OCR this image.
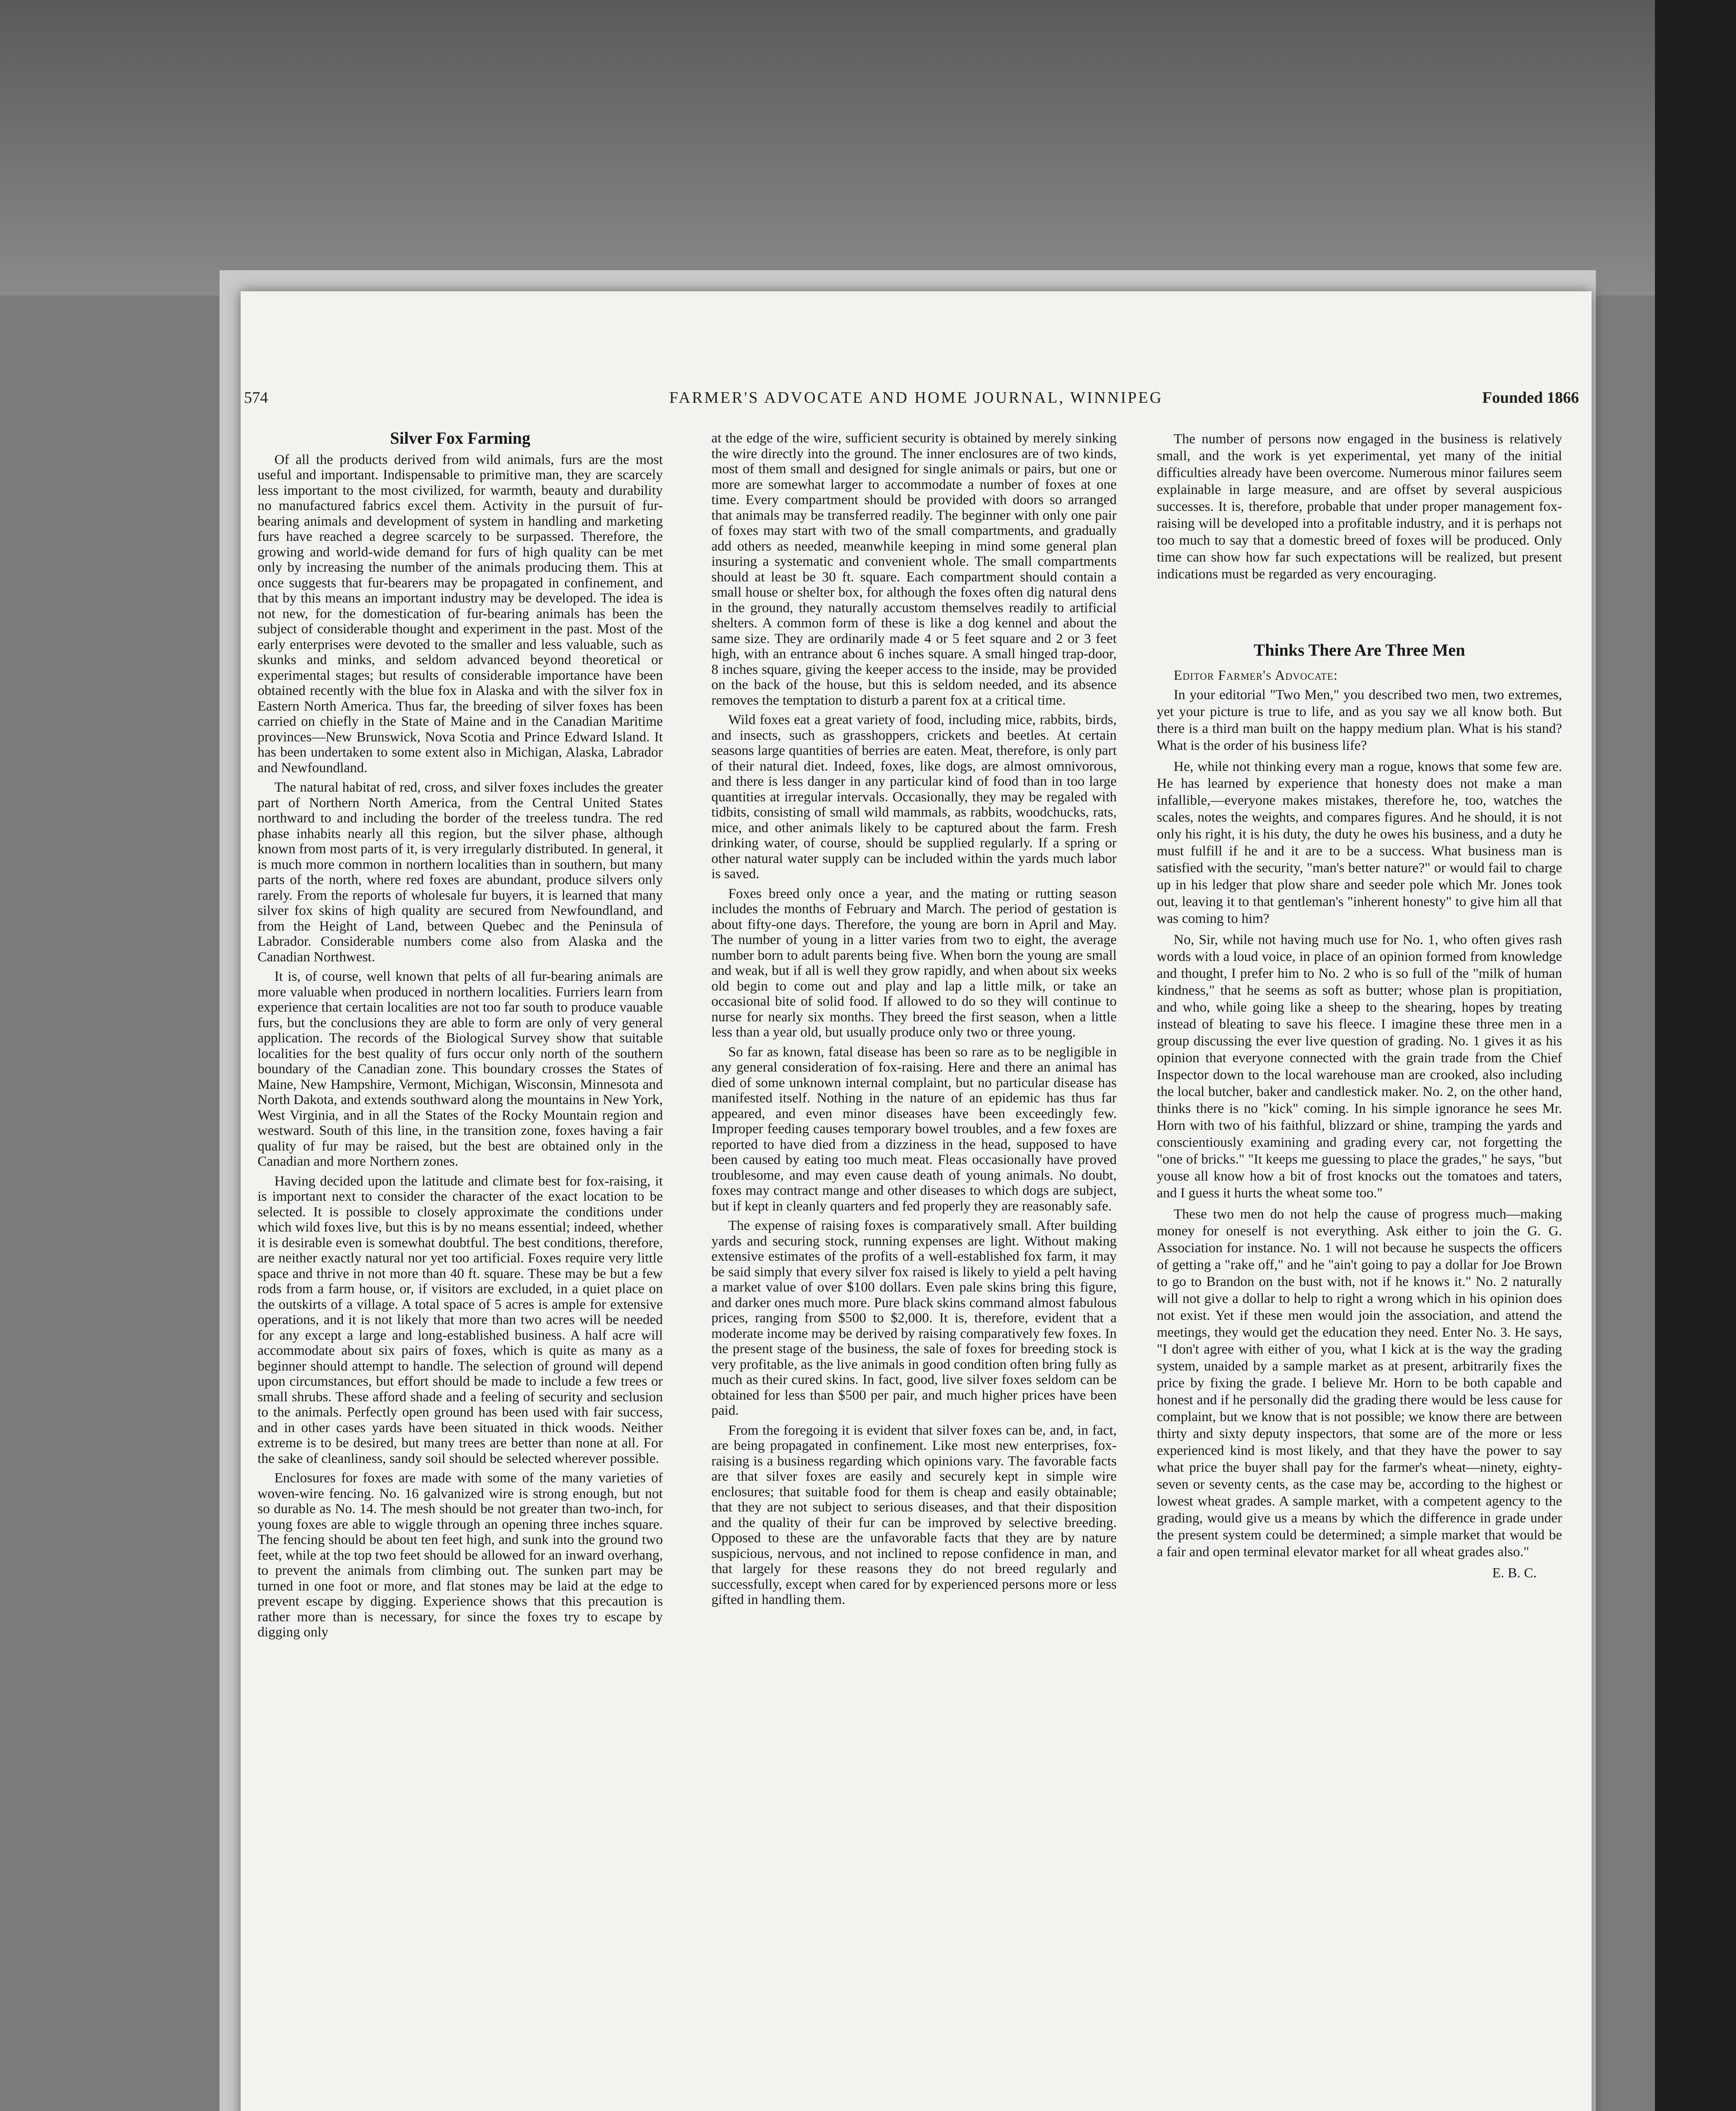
FARMER'S ADVOCATE AND HOME JOURNAL, WINNIPEG
574	Founded 1866
Silver Fox Farming

Of all the products derived from wild animals, furs are the most useful and important. Indispensable to primitive man, they are scarcely less important to the most civilized, for warmth, beauty and durability no manufactured fabrics excel them. Activity in the pursuit of fur-bearing animals and development of system in handling and marketing furs have reached a degree scarcely to be surpassed. Therefore, the growing and world-wide demand for furs of high quality can be met only by increasing the number of the animals producing them. This at once suggests that fur-bearers may be propagated in confinement, and that by this means an important industry may be developed. The idea is not new, for the domestication of fur-bearing animals has been the subject of considerable thought and experiment in the past. Most of the early enterprises were devoted to the smaller and less valuable, such as skunks and minks, and seldom advanced beyond theoretical or experimental stages; but results of considerable importance have been obtained recently with the blue fox in Alaska and with the silver fox in Eastern North America. Thus far, the breeding of silver foxes has been carried on chiefly in the State of Maine and in the Canadian Maritime provinces—New Brunswick, Nova Scotia and Prince Edward Island. It has been undertaken to some extent also in Michigan, Alaska, Labrador and Newfoundland.

The natural habitat of red, cross, and silver foxes includes the greater part of Northern North America, from the Central United States northward to and including the border of the treeless tundra. The red phase inhabits nearly all this region, but the silver phase, although known from most parts of it, is very irregularly distributed. In general, it is much more common in northern localities than in southern, but many parts of the north, where red foxes are abundant, produce silvers only rarely. From the reports of wholesale fur buyers, it is learned that many silver fox skins of high quality are secured from Newfoundland, and from the Height of Land, between Quebec and the Peninsula of Labrador. Considerable numbers come also from Alaska and the Canadian Northwest.

It is, of course, well known that pelts of all fur-bearing animals are more valuable when produced in northern localities. Furriers learn from experience that certain localities are not too far south to produce vauable furs, but the conclusions they are able to form are only of very general application. The records of the Biological Survey show that suitable localities for the best quality of furs occur only north of the southern boundary of the Canadian zone. This boundary crosses the States of Maine, New Hampshire, Vermont, Michigan, Wisconsin, Minnesota and North Dakota, and extends southward along the mountains in New York, West Virginia, and in all the States of the Rocky Mountain region and westward. South of this line, in the transition zone, foxes having a fair quality of fur may be raised, but the best are obtained only in the Canadian and more Northern zones.

Having decided upon the latitude and climate best for fox-raising, it is important next to consider the character of the exact location to be selected. It is possible to closely approximate the conditions under which wild foxes live, but this is by no means essential; indeed, whether it is desirable even is somewhat doubtful. The best conditions, therefore, are neither exactly natural nor yet too artificial. Foxes require very little space and thrive in not more than 40 ft. square. These may be but a few rods from a farm house, or, if visitors are excluded, in a quiet place on the outskirts of a village. A total space of 5 acres is ample for extensive operations, and it is not likely that more than two acres will be needed for any except a large and long-established business. A half acre will accommodate about six pairs of foxes, which is quite as many as a beginner should attempt to handle. The selection of ground will depend upon circumstances, but effort should be made to include a few trees or small shrubs. These afford shade and a feeling of security and seclusion to the animals. Perfectly open ground has been used with fair success, and in other cases yards have been situated in thick woods. Neither extreme is to be desired, but many trees are better than none at all. For the sake of cleanliness, sandy soil should be selected wherever possible.

Enclosures for foxes are made with some of the many varieties of woven-wire fencing. No. 16 galvanized wire is strong enough, but not so durable as No. 14. The mesh should be not greater than two-inch, for young foxes are able to wiggle through an opening three inches square. The fencing should be about ten feet high, and sunk into the ground two feet, while at the top two feet should be allowed for an inward overhang, to prevent the animals from climbing out. The sunken part may be turned in one foot or more, and flat stones may be laid at the edge to prevent escape by digging. Experience shows that this precaution is rather more than is necessary, for since the foxes try to escape by digging only

at the edge of the wire, sufficient security is obtained by merely sinking the wire directly into the ground. The inner enclosures are of two kinds, most of them small and designed for single animals or pairs, but one or more are somewhat larger to accommodate a number of foxes at one time. Every compartment should be provided with doors so arranged that animals may be transferred readily. The beginner with only one pair of foxes may start with two of the small compartments, and gradually add others as needed, meanwhile keeping in mind some general plan insuring a systematic and convenient whole. The small compartments should at least be 30 ft. square. Each compartment should contain a small house or shelter box, for although the foxes often dig natural dens in the ground, they naturally accustom themselves readily to artificial shelters. A common form of these is like a dog kennel and about the same size. They are ordinarily made 4 or 5 feet square and 2 or 3 feet high, with an entrance about 6 inches square. A small hinged trap-door, 8 inches square, giving the keeper access to the inside, may be provided on the back of the house, but this is seldom needed, and its absence removes the temptation to disturb a parent fox at a critical time.

Wild foxes eat a great variety of food, including mice, rabbits, birds, and insects, such as grasshoppers, crickets and beetles. At certain seasons large quantities of berries are eaten. Meat, therefore, is only part of their natural diet. Indeed, foxes, like dogs, are almost omnivorous, and there is less danger in any particular kind of food than in too large quantities at irregular intervals. Occasionally, they may be regaled with tidbits, consisting of small wild mammals, as rabbits, woodchucks, rats, mice, and other animals likely to be captured about the farm. Fresh drinking water, of course, should be supplied regularly. If a spring or other natural water supply can be included within the yards much labor is saved.

Foxes breed only once a year, and the mating or rutting season includes the months of February and March. The period of gestation is about fifty-one days. Therefore, the young are born in April and May. The number of young in a litter varies from two to eight, the average number born to adult parents being five. When born the young are small and weak, but if all is well they grow rapidly, and when about six weeks old begin to come out and play and lap a little milk, or take an occasional bite of solid food. If allowed to do so they will continue to nurse for nearly six months. They breed the first season, when a little less than a year old, but usually produce only two or three young.

So far as known, fatal disease has been so rare as to be negligible in any general consideration of fox-raising. Here and there an animal has died of some unknown internal complaint, but no particular disease has manifested itself. Nothing in the nature of an epidemic has thus far appeared, and even minor diseases have been exceedingly few. Improper feeding causes temporary bowel troubles, and a few foxes are reported to have died from a dizziness in the head, supposed to have been caused by eating too much meat. Fleas occasionally have proved troublesome, and may even cause death of young animals. No doubt, foxes may contract mange and other diseases to which dogs are subject, but if kept in cleanly quarters and fed properly they are reasonably safe.

The expense of raising foxes is comparatively small. After building yards and securing stock, running expenses are light. Without making extensive estimates of the profits of a well-established fox farm, it may be said simply that every silver fox raised is likely to yield a pelt having a market value of over $100 dollars. Even pale skins bring this figure, and darker ones much more. Pure black skins command almost fabulous prices, ranging from $500 to $2,000. It is, therefore, evident that a moderate income may be derived by raising comparatively few foxes. In the present stage of the business, the sale of foxes for breeding stock is very profitable, as the live animals in good condition often bring fully as much as their cured skins. In fact, good, live silver foxes seldom can be obtained for less than $500 per pair, and much higher prices have been paid.

From the foregoing it is evident that silver foxes can be, and, in fact, are being propagated in confinement. Like most new enterprises, fox-raising is a business regarding which opinions vary. The favorable facts are that silver foxes are easily and securely kept in simple wire enclosures; that suitable food for them is cheap and easily obtainable; that they are not subject to serious diseases, and that their disposition and the quality of their fur can be improved by selective breeding. Opposed to these are the unfavorable facts that they are by nature suspicious, nervous, and not inclined to repose confidence in man, and that largely for these reasons they do not breed regularly and successfully, except when cared for by experienced persons more or less gifted in handling them.

The number of persons now engaged in the business is relatively small, and the work is yet experimental, yet many of the initial difficulties already have been overcome. Numerous minor failures seem explainable in large measure, and are offset by several auspicious successes. It is, therefore, probable that under proper management fox-raising will be developed into a profitable industry, and it is perhaps not too much to say that a domestic breed of foxes will be produced. Only time can show how far such expectations will be realized, but present indications must be regarded as very encouraging.

Thinks There Are Three Men

Editor Farmer's Advocate:

In your editorial "Two Men," you described two men, two extremes, yet your picture is true to life, and as you say we all know both. But there is a third man built on the happy medium plan. What is his stand? What is the order of his business life?

He, while not thinking every man a rogue, knows that some few are. He has learned by experience that honesty does not make a man infallible,—everyone makes mistakes, therefore he, too, watches the scales, notes the weights, and compares figures. And he should, it is not only his right, it is his duty, the duty he owes his business, and a duty he must fulfill if he and it are to be a success. What business man is satisfied with the security, "man's better nature?" or would fail to charge up in his ledger that plow share and seeder pole which Mr. Jones took out, leaving it to that gentleman's "inherent honesty" to give him all that was coming to him?

No, Sir, while not having much use for No. 1, who often gives rash words with a loud voice, in place of an opinion formed from knowledge and thought, I prefer him to No. 2 who is so full of the "milk of human kindness," that he seems as soft as butter; whose plan is propitiation, and who, while going like a sheep to the shearing, hopes by treating instead of bleating to save his fleece. I imagine these three men in a group discussing the ever live question of grading. No. 1 gives it as his opinion that everyone connected with the grain trade from the Chief Inspector down to the local warehouse man are crooked, also including the local butcher, baker and candlestick maker. No. 2, on the other hand, thinks there is no "kick" coming. In his simple ignorance he sees Mr. Horn with two of his faithful, blizzard or shine, tramping the yards and conscientiously examining and grading every car, not forgetting the "one of bricks." "It keeps me guessing to place the grades," he says, "but youse all know how a bit of frost knocks out the tomatoes and taters, and I guess it hurts the wheat some too."

These two men do not help the cause of progress much—making money for oneself is not everything. Ask either to join the G. G. Association for instance. No. 1 will not because he suspects the officers of getting a "rake off," and he "ain't going to pay a dollar for Joe Brown to go to Brandon on the bust with, not if he knows it." No. 2 naturally will not give a dollar to help to right a wrong which in his opinion does not exist. Yet if these men would join the association, and attend the meetings, they would get the education they need. Enter No. 3. He says, "I don't agree with either of you, what I kick at is the way the grading system, unaided by a sample market as at present, arbitrarily fixes the price by fixing the grade. I believe Mr. Horn to be both capable and honest and if he personally did the grading there would be less cause for complaint, but we know that is not possible; we know there are between thirty and sixty deputy inspectors, that some are of the more or less experienced kind is most likely, and that they have the power to say what price the buyer shall pay for the farmer's wheat—ninety, eighty-seven or seventy cents, as the case may be, according to the highest or lowest wheat grades. A sample market, with a competent agency to the grading, would give us a means by which the difference in grade under the present system could be determined; a simple market that would be a fair and open terminal elevator market for all wheat grades also."

E. B. C.
